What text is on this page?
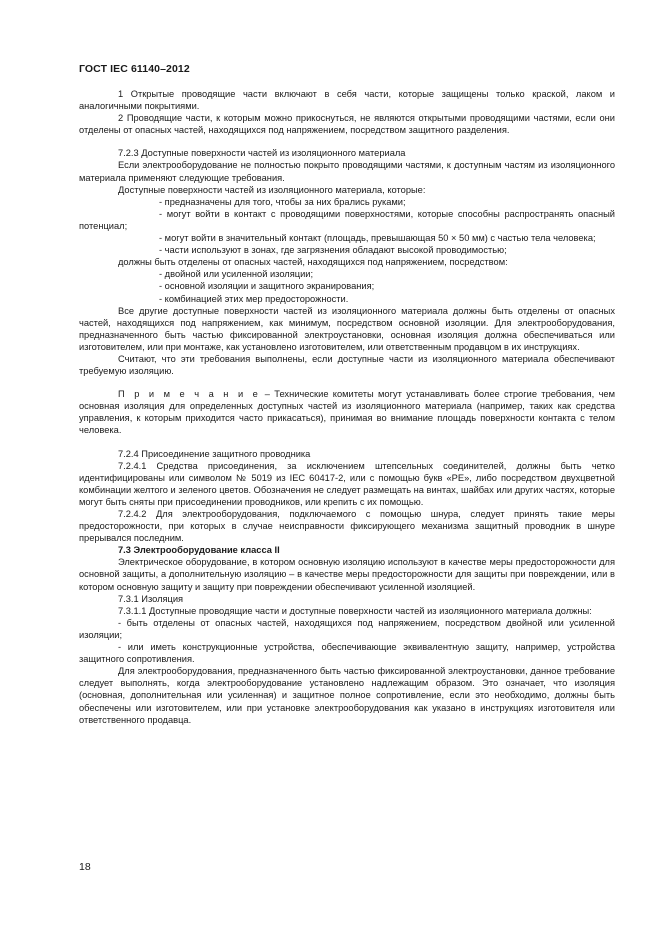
ГОСТ IEC 61140–2012

1 Открытые проводящие части включают в себя части, которые защищены только краской, лаком и аналогичными покрытиями.

2 Проводящие части, к которым можно прикоснуться, не являются открытыми проводящими частями, если они отделены от опасных частей, находящихся под напряжением, посредством защитного разделения.

7.2.3 Доступные поверхности частей из изоляционного материала

Если электрооборудование не полностью покрыто проводящими частями, к доступным частям из изоляционного материала применяют следующие требования.

Доступные поверхности частей из изоляционного материала, которые:

- предназначены для того, чтобы за них брались руками;

- могут войти в контакт с проводящими поверхностями, которые способны распространять опасный потенциал;

- могут войти в значительный контакт (площадь, превышающая 50 × 50 мм) с частью тела человека;

- части используют в зонах, где загрязнения обладают высокой проводимостью;

должны быть отделены от опасных частей, находящихся под напряжением, посредством:

- двойной или усиленной изоляции;

- основной изоляции и защитного экранирования;

- комбинацией этих мер предосторожности.

Все другие доступные поверхности частей из изоляционного материала должны быть отделены от опасных частей, находящихся под напряжением, как минимум, посредством основной изоляции. Для электрооборудования, предназначенного быть частью фиксированной электроустановки, основная изоляция должна обеспечиваться или изготовителем, или при монтаже, как установлено изготовителем, или ответственным продавцом в их инструкциях.

Считают, что эти требования выполнены, если доступные части из изоляционного материала обеспечивают требуемую изоляцию.

П р и м е ч а н и е – Технические комитеты могут устанавливать более строгие требования, чем основная изоляция для определенных доступных частей из изоляционного материала (например, таких как средства управления, к которым приходится часто прикасаться), принимая во внимание площадь поверхности контакта с телом человека.

7.2.4 Присоединение защитного проводника

7.2.4.1 Средства присоединения, за исключением штепсельных соединителей, должны быть четко идентифицированы или символом № 5019 из IEC 60417-2, или с помощью букв «PE», либо посредством двухцветной комбинации желтого и зеленого цветов. Обозначения не следует размещать на винтах, шайбах или других частях, которые могут быть сняты при присоединении проводников, или крепить с их помощью.

7.2.4.2 Для электрооборудования, подключаемого с помощью шнура, следует принять такие меры предосторожности, при которых в случае неисправности фиксирующего механизма защитный проводник в шнуре прерывался последним.

7.3 Электрооборудование класса II

Электрическое оборудование, в котором основную изоляцию используют в качестве меры предосторожности для основной защиты, а дополнительную изоляцию – в качестве меры предосторожности для защиты при повреждении, или в котором основную защиту и защиту при повреждении обеспечивают усиленной изоляцией.

7.3.1 Изоляция

7.3.1.1 Доступные проводящие части и доступные поверхности частей из изоляционного материала должны:

- быть отделены от опасных частей, находящихся под напряжением, посредством двойной или усиленной изоляции;

- или иметь конструкционные устройства, обеспечивающие эквивалентную защиту, например, устройства защитного сопротивления.

Для электрооборудования, предназначенного быть частью фиксированной электроустановки, данное требование следует выполнять, когда электрооборудование установлено надлежащим образом. Это означает, что изоляция (основная, дополнительная или усиленная) и защитное полное сопротивление, если это необходимо, должны быть обеспечены или изготовителем, или при установке электрооборудования как указано в инструкциях изготовителя или ответственного продавца.

18
